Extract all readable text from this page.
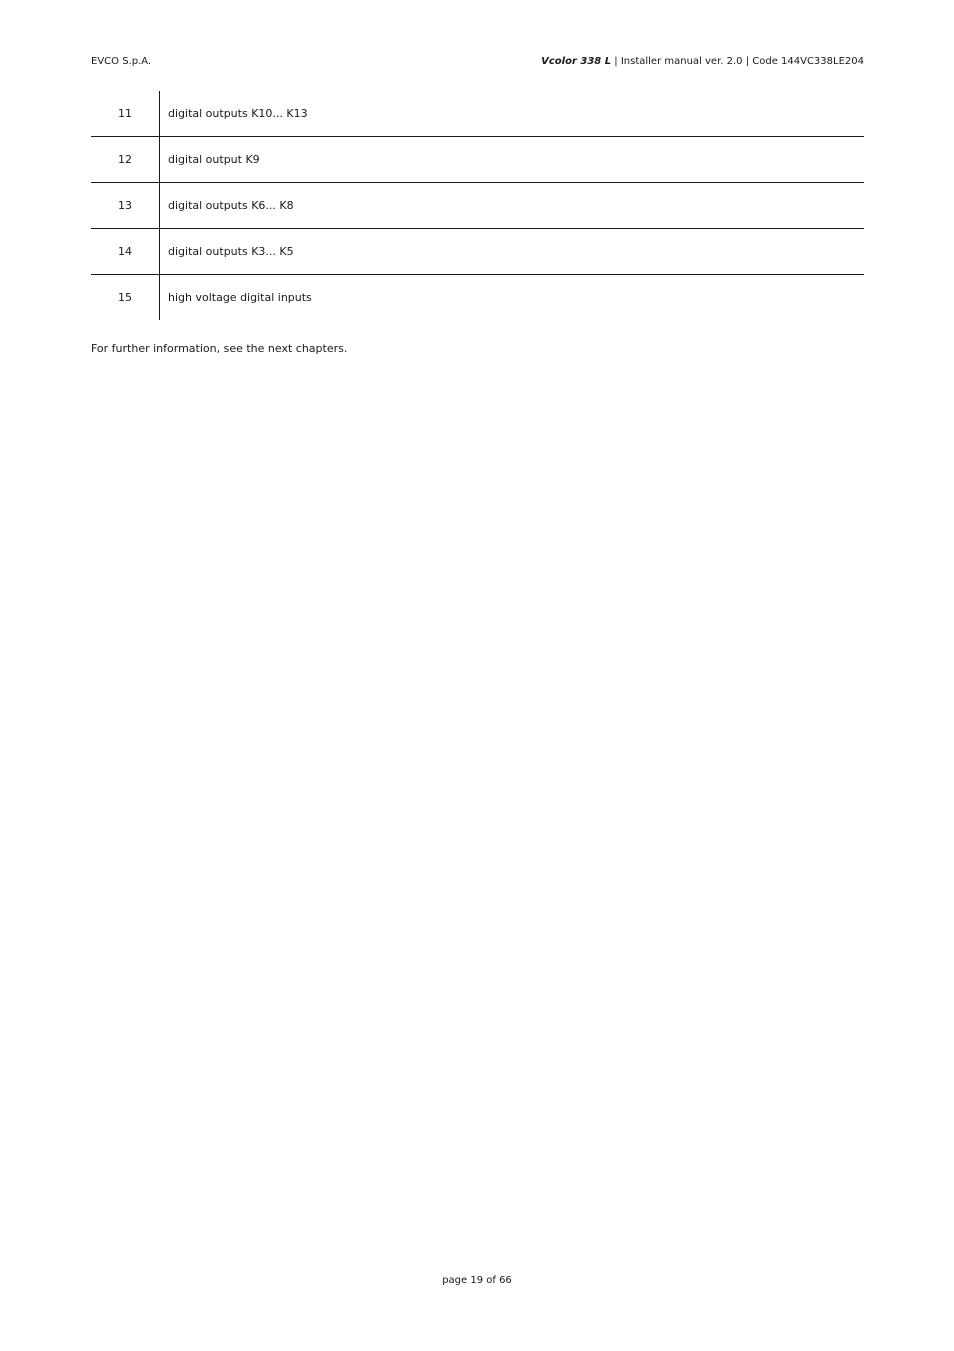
EVCO S.p.A.	Vcolor 338 L | Installer manual ver. 2.0 | Code 144VC338LE204
11	digital outputs K10... K13
12	digital output K9
13	digital outputs K6... K8
14	digital outputs K3... K5
15	high voltage digital inputs
For further information, see the next chapters.
page 19 of 66
